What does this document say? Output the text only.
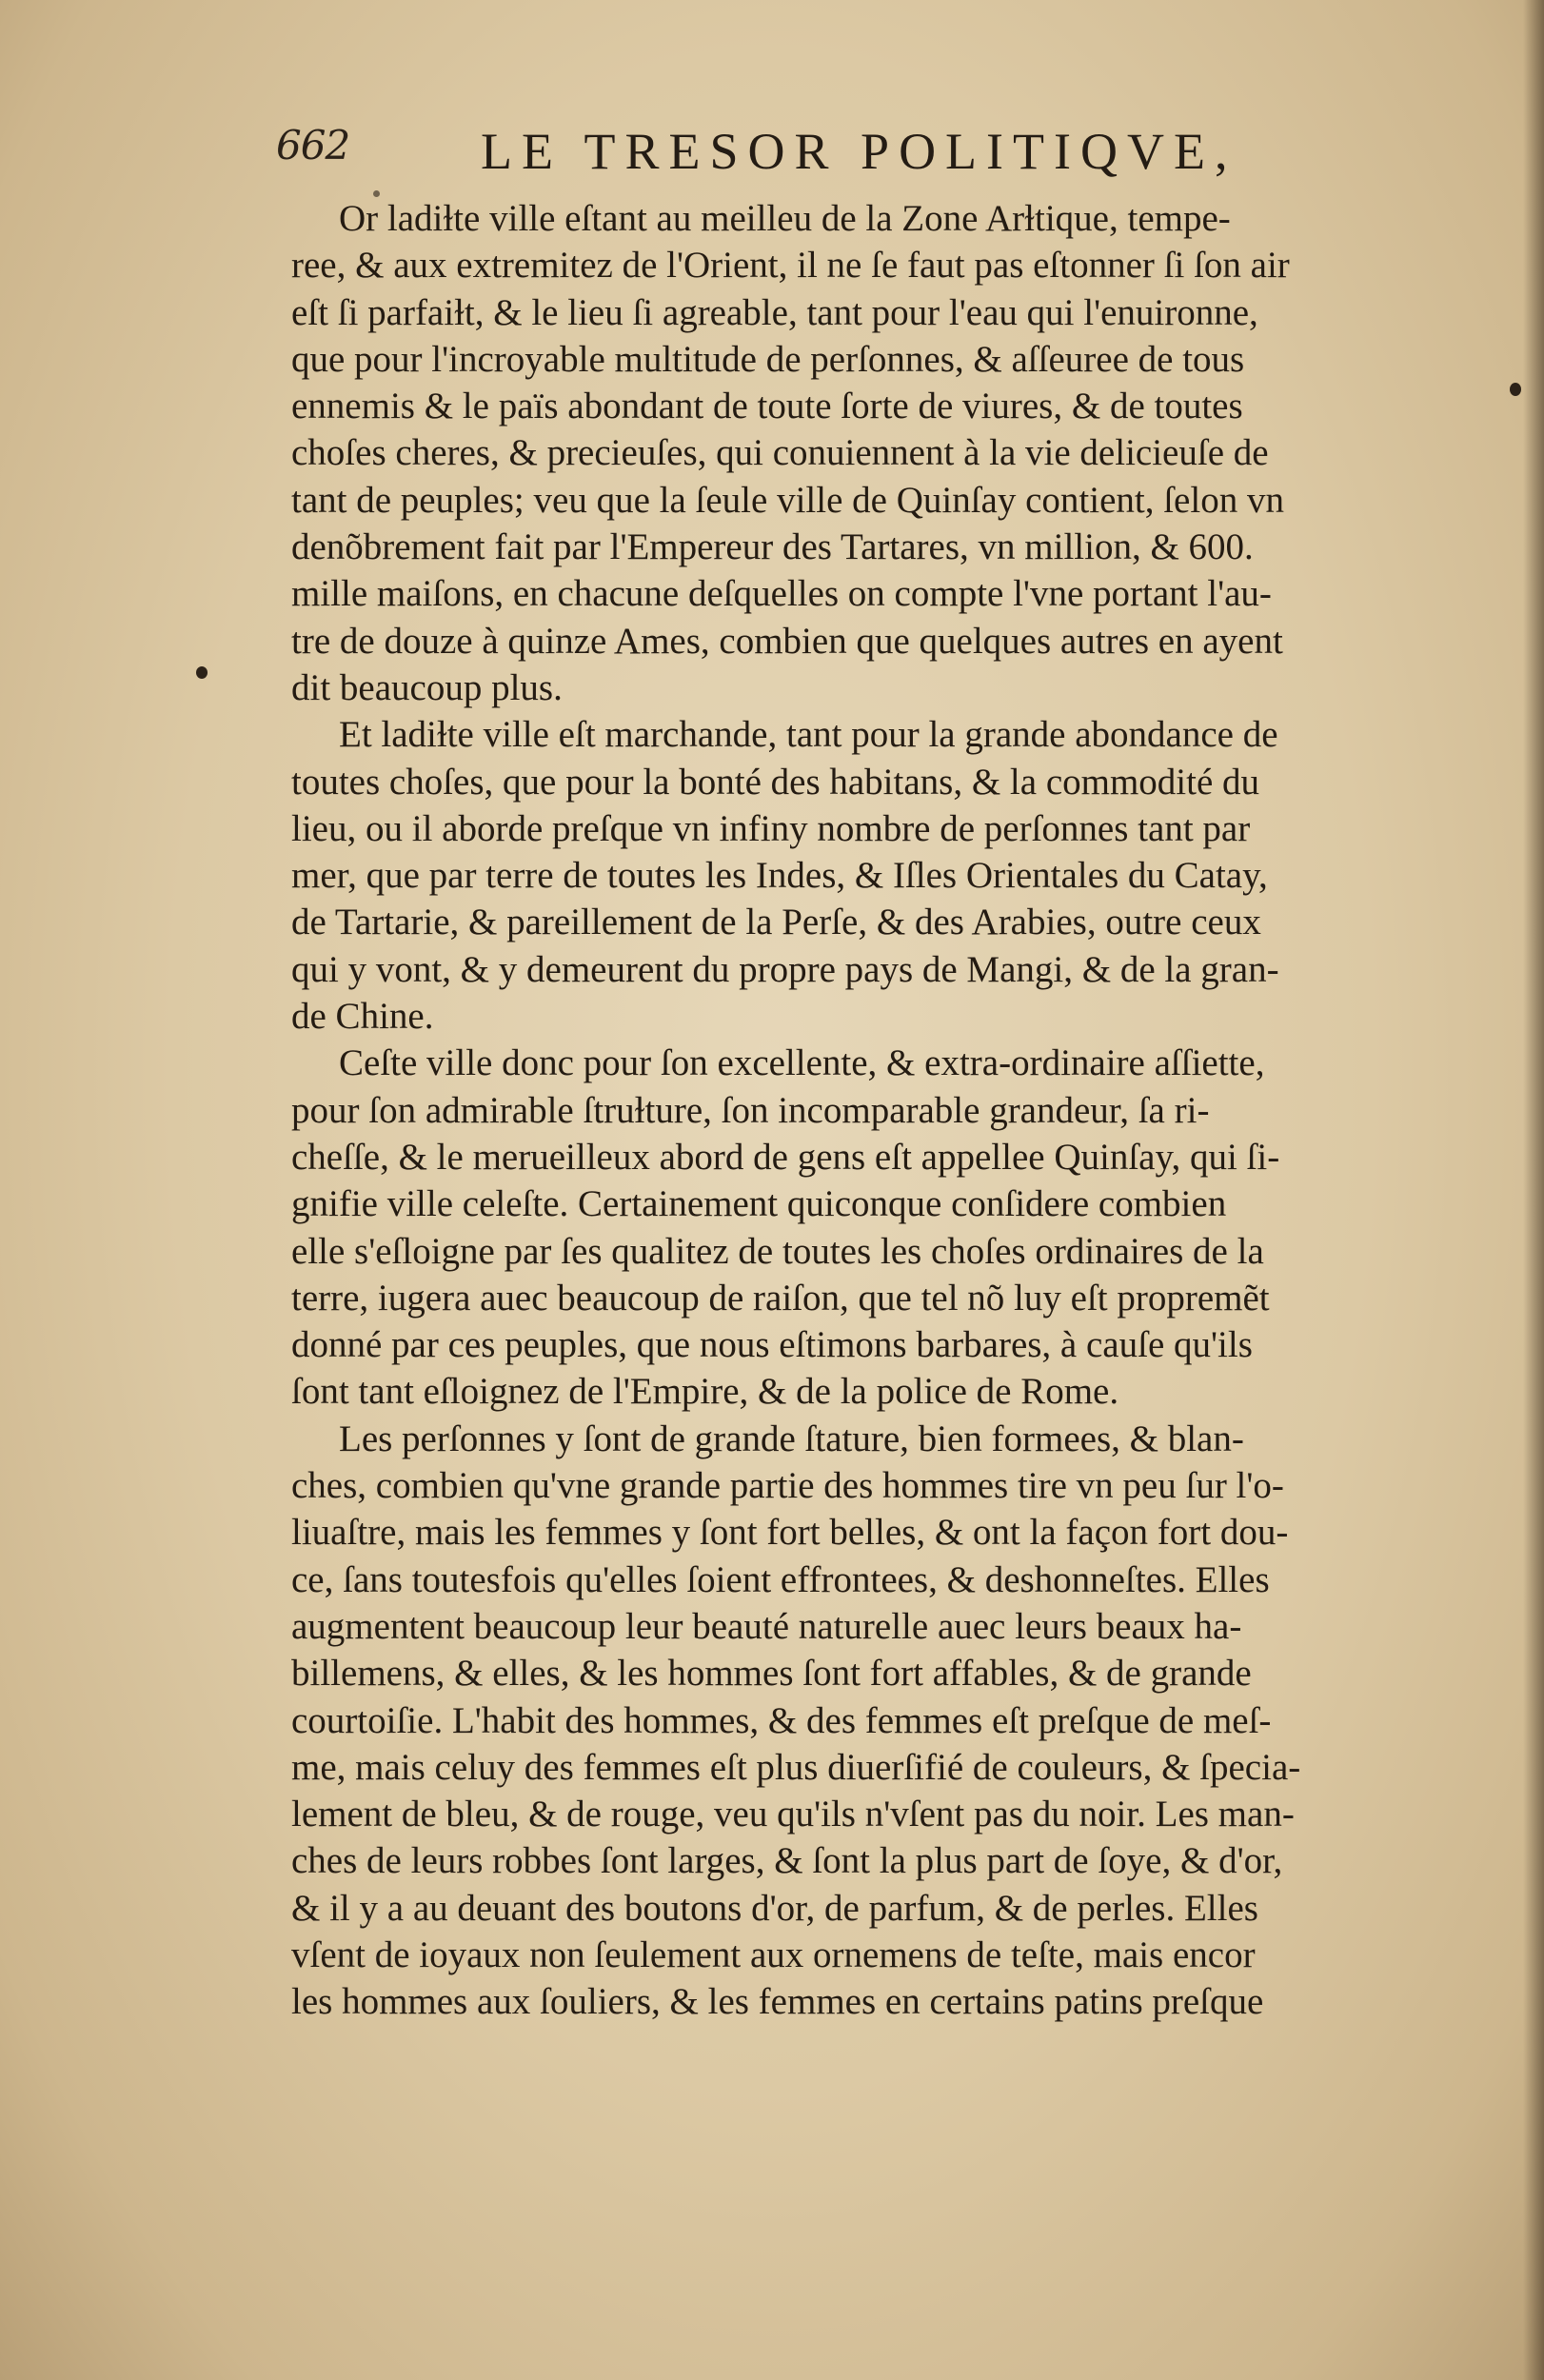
662	LE TRESOR POLITIQVE,
Or ladiɫte ville eſtant au meilleu de la Zone Arɫtique, tempe-
ree, & aux extremitez de l'Orient, il ne ſe faut pas eſtonner ſi ſon air
eſt ſi parfaiɫt, & le lieu ſi agreable, tant pour l'eau qui l'enuironne,
que pour l'incroyable multitude de perſonnes, & aſſeuree de tous
ennemis & le païs abondant de toute ſorte de viures, & de toutes
choſes cheres, & precieuſes, qui conuiennent à la vie delicieuſe de
tant de peuples; veu que la ſeule ville de Quinſay contient, ſelon vn
denõbrement fait par l'Empereur des Tartares, vn million, & 600.
mille maiſons, en chacune deſquelles on compte l'vne portant l'au-
tre de douze à quinze Ames, combien que quelques autres en ayent
dit beaucoup plus.
Et ladiɫte ville eſt marchande, tant pour la grande abondance de
toutes choſes, que pour la bonté des habitans, & la commodité du
lieu, ou il aborde preſque vn infiny nombre de perſonnes tant par
mer, que par terre de toutes les Indes, & Iſles Orientales du Catay,
de Tartarie, & pareillement de la Perſe, & des Arabies, outre ceux
qui y vont, & y demeurent du propre pays de Mangi, & de la gran-
de Chine.
Ceſte ville donc pour ſon excellente, & extra-ordinaire aſſiette,
pour ſon admirable ſtruɫture, ſon incomparable grandeur, ſa ri-
cheſſe, & le merueilleux abord de gens eſt appellee Quinſay, qui ſi-
gnifie ville celeſte. Certainement quiconque conſidere combien
elle s'eſloigne par ſes qualitez de toutes les choſes ordinaires de la
terre, iugera auec beaucoup de raiſon, que tel nõ luy eſt propremẽt
donné par ces peuples, que nous eſtimons barbares, à cauſe qu'ils
ſont tant eſloignez de l'Empire, & de la police de Rome.
Les perſonnes y ſont de grande ſtature, bien formees, & blan-
ches, combien qu'vne grande partie des hommes tire vn peu ſur l'o-
liuaſtre, mais les femmes y ſont fort belles, & ont la façon fort dou-
ce, ſans toutesfois qu'elles ſoient effrontees, & deshonneſtes. Elles
augmentent beaucoup leur beauté naturelle auec leurs beaux ha-
billemens, & elles, & les hommes ſont fort affables, & de grande
courtoiſie. L'habit des hommes, & des femmes eſt preſque de meſ-
me, mais celuy des femmes eſt plus diuerſifié de couleurs, & ſpecia-
lement de bleu, & de rouge, veu qu'ils n'vſent pas du noir. Les man-
ches de leurs robbes ſont larges, & ſont la plus part de ſoye, & d'or,
& il y a au deuant des boutons d'or, de parfum, & de perles. Elles
vſent de ioyaux non ſeulement aux ornemens de teſte, mais encor
les hommes aux ſouliers, & les femmes en certains patins preſque
